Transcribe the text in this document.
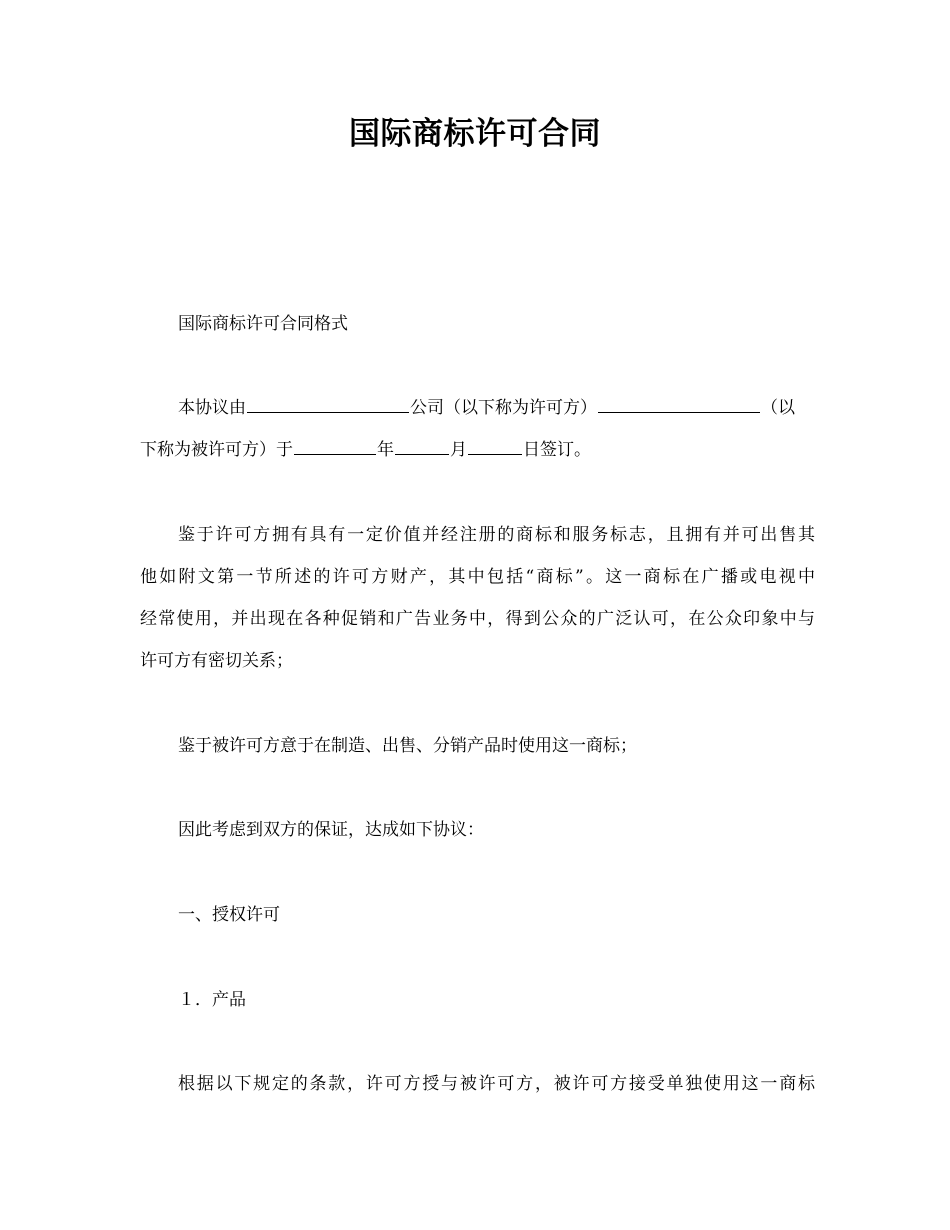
国际商标许可合同
国际商标许可合同格式
本协议由	公司（以下称为许可方）	（以
下称为被许可方）于	年	月	日签订。
鉴于许可方拥有具有一定价值并经注册的商标和服务标志，且拥有并可出售其
他如附文第一节所述的许可方财产，其中包括“商标”。这一商标在广播或电视中
经常使用，并出现在各种促销和广告业务中，得到公众的广泛认可，在公众印象中与
许可方有密切关系；
鉴于被许可方意于在制造、出售、分销产品时使用这一商标；
因此考虑到双方的保证，达成如下协议：
一、授权许可
１．产品
根据以下规定的条款，许可方授与被许可方，被许可方接受单独使用这一商标
